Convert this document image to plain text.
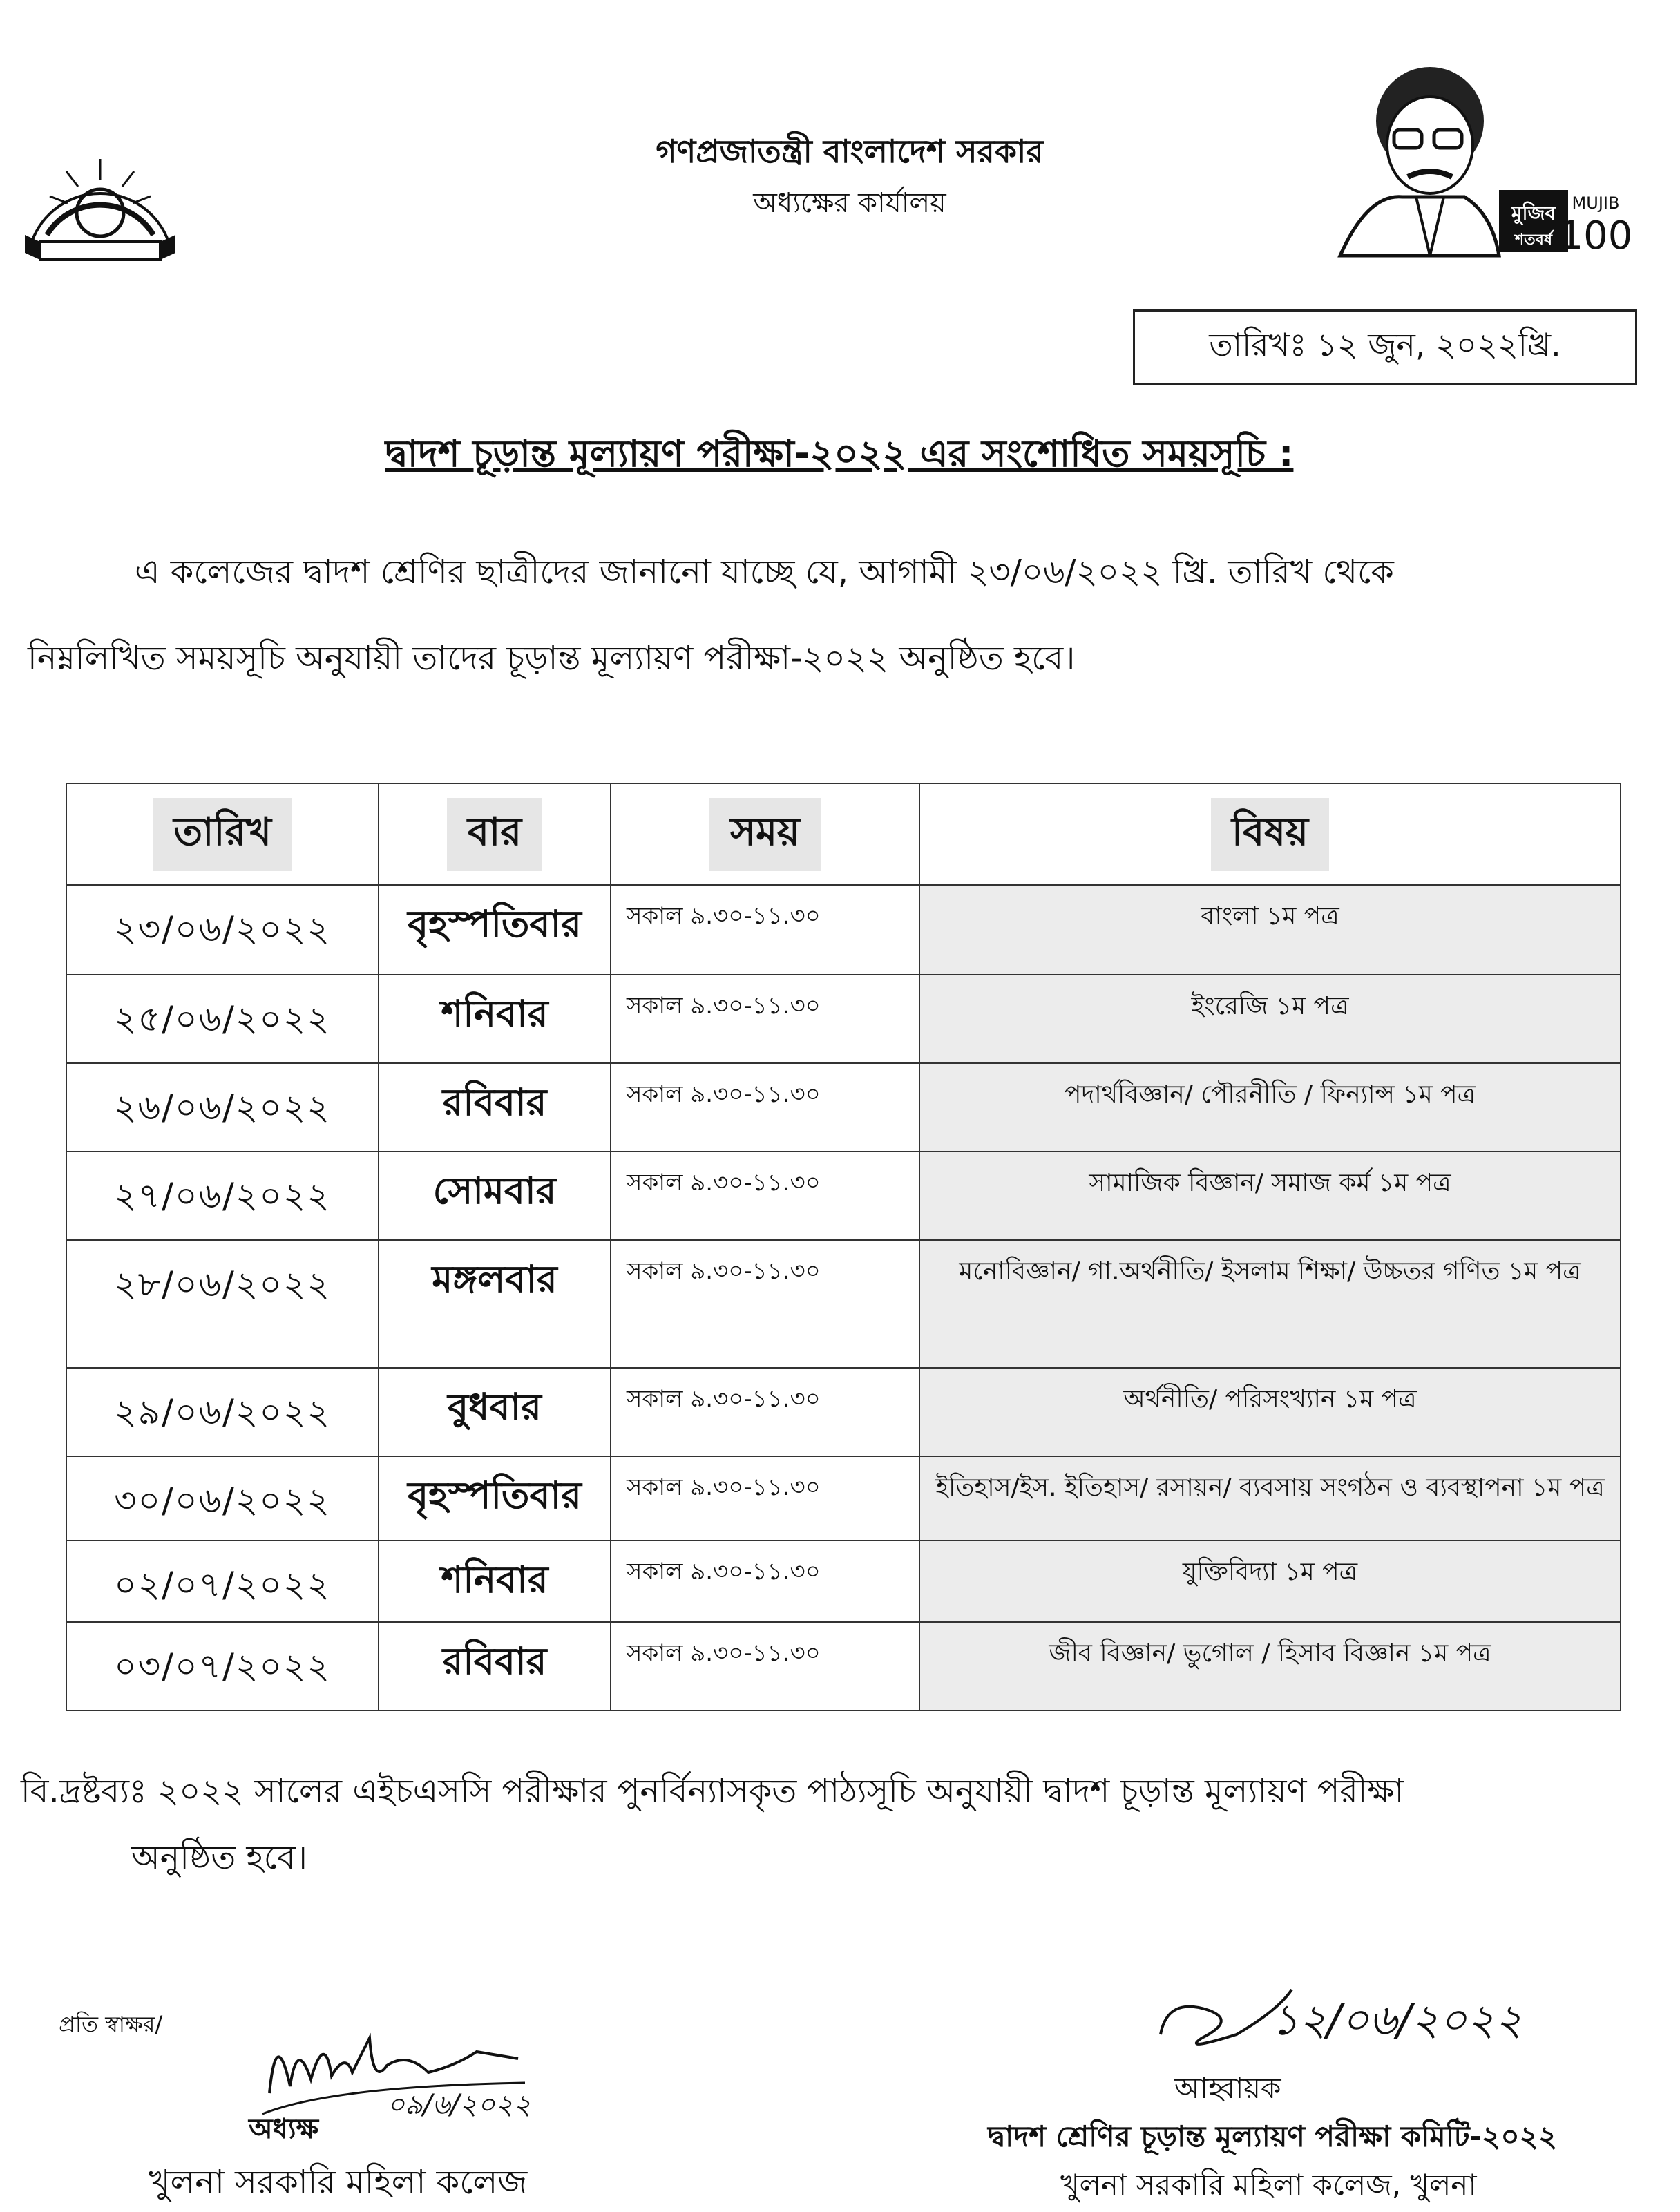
মুজিব
শতবর্ষ
MUJIB
100
গণপ্রজাতন্ত্রী বাংলাদেশ সরকার
অধ্যক্ষের কার্যালয়
তারিখঃ ১২ জুন, ২০২২খ্রি.
দ্বাদশ চূড়ান্ত মূল্যায়ণ পরীক্ষা-২০২২ এর সংশোধিত সময়সূচি :
এ কলেজের দ্বাদশ শ্রেণির ছাত্রীদের জানানো যাচ্ছে যে, আগামী ২৩/০৬/২০২২ খ্রি. তারিখ থেকে
নিম্নলিখিত সময়সূচি অনুযায়ী তাদের চূড়ান্ত মূল্যায়ণ পরীক্ষা-২০২২ অনুষ্ঠিত হবে।
তারিখ	বার	সময়	বিষয়
২৩/০৬/২০২২	বৃহস্পতিবার	সকাল ৯.৩০-১১.৩০	বাংলা ১ম পত্র
২৫/০৬/২০২২	শনিবার	সকাল ৯.৩০-১১.৩০	ইংরেজি ১ম পত্র
২৬/০৬/২০২২	রবিবার	সকাল ৯.৩০-১১.৩০	পদার্থবিজ্ঞান/ পৌরনীতি / ফিন্যান্স ১ম পত্র
২৭/০৬/২০২২	সোমবার	সকাল ৯.৩০-১১.৩০	সামাজিক বিজ্ঞান/ সমাজ কর্ম ১ম পত্র
২৮/০৬/২০২২	মঙ্গলবার	সকাল ৯.৩০-১১.৩০	মনোবিজ্ঞান/ গা.অর্থনীতি/ ইসলাম শিক্ষা/ উচ্চতর গণিত ১ম পত্র
২৯/০৬/২০২২	বুধবার	সকাল ৯.৩০-১১.৩০	অর্থনীতি/ পরিসংখ্যান ১ম পত্র
৩০/০৬/২০২২	বৃহস্পতিবার	সকাল ৯.৩০-১১.৩০	ইতিহাস/ইস. ইতিহাস/ রসায়ন/ ব্যবসায় সংগঠন ও ব্যবস্থাপনা ১ম পত্র
০২/০৭/২০২২	শনিবার	সকাল ৯.৩০-১১.৩০	যুক্তিবিদ্যা ১ম পত্র
০৩/০৭/২০২২	রবিবার	সকাল ৯.৩০-১১.৩০	জীব বিজ্ঞান/ ভুগোল / হিসাব বিজ্ঞান ১ম পত্র
বি.দ্রষ্টব্যঃ ২০২২ সালের এইচএসসি পরীক্ষার পুনর্বিন্যাসকৃত পাঠ্যসূচি অনুযায়ী দ্বাদশ চূড়ান্ত মূল্যায়ণ পরীক্ষা
অনুষ্ঠিত হবে।
প্রতি স্বাক্ষর/
০৯/৬/২০২২
অধ্যক্ষ
খুলনা সরকারি মহিলা কলেজ
১২/০৬/২০২২
আহ্বায়ক
দ্বাদশ শ্রেণির চূড়ান্ত মূল্যায়ণ পরীক্ষা কমিটি-২০২২
খুলনা সরকারি মহিলা কলেজ, খুলনা
